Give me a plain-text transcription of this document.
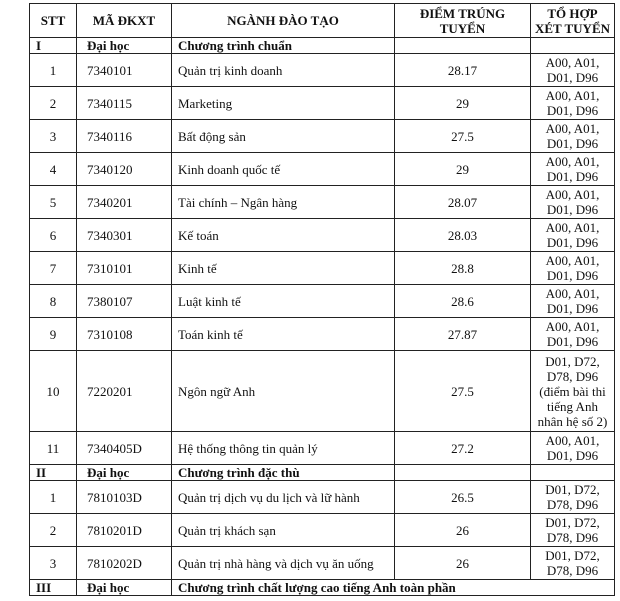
STT	MÃ ĐKXT	NGÀNH ĐÀO TẠO	ĐIỂM TRÚNG TUYỂN	TỔ HỢP XÉT TUYỂN
I	Đại học	Chương trình chuẩn		
1	7340101	Quản trị kinh doanh	28.17	A00, A01,
D01, D96

2	7340115	Marketing	29	A00, A01,
D01, D96

3	7340116	Bất động sản	27.5	A00, A01,
D01, D96

4	7340120	Kinh doanh quốc tế	29	A00, A01,
D01, D96

5	7340201	Tài chính – Ngân hàng	28.07	A00, A01,
D01, D96

6	7340301	Kế toán	28.03	A00, A01,
D01, D96

7	7310101	Kinh tế	28.8	A00, A01,
D01, D96

8	7380107	Luật kinh tế	28.6	A00, A01,
D01, D96

9	7310108	Toán kinh tế	27.87	A00, A01,
D01, D96

10	7220201	Ngôn ngữ Anh	27.5	D01, D72,
D78, D96
(điểm bài thi
tiếng Anh
nhân hệ số 2)

11	7340405D	Hệ thống thông tin quản lý	27.2	A00, A01,
D01, D96

II	Đại học	Chương trình đặc thù		
1	7810103D	Quản trị dịch vụ du lịch và lữ hành	26.5	D01, D72,
D78, D96

2	7810201D	Quản trị khách sạn	26	D01, D72,
D78, D96

3	7810202D	Quản trị nhà hàng và dịch vụ ăn uống	26	D01, D72,
D78, D96

III	Đại học	Chương trình chất lượng cao tiếng Anh toàn phần		
